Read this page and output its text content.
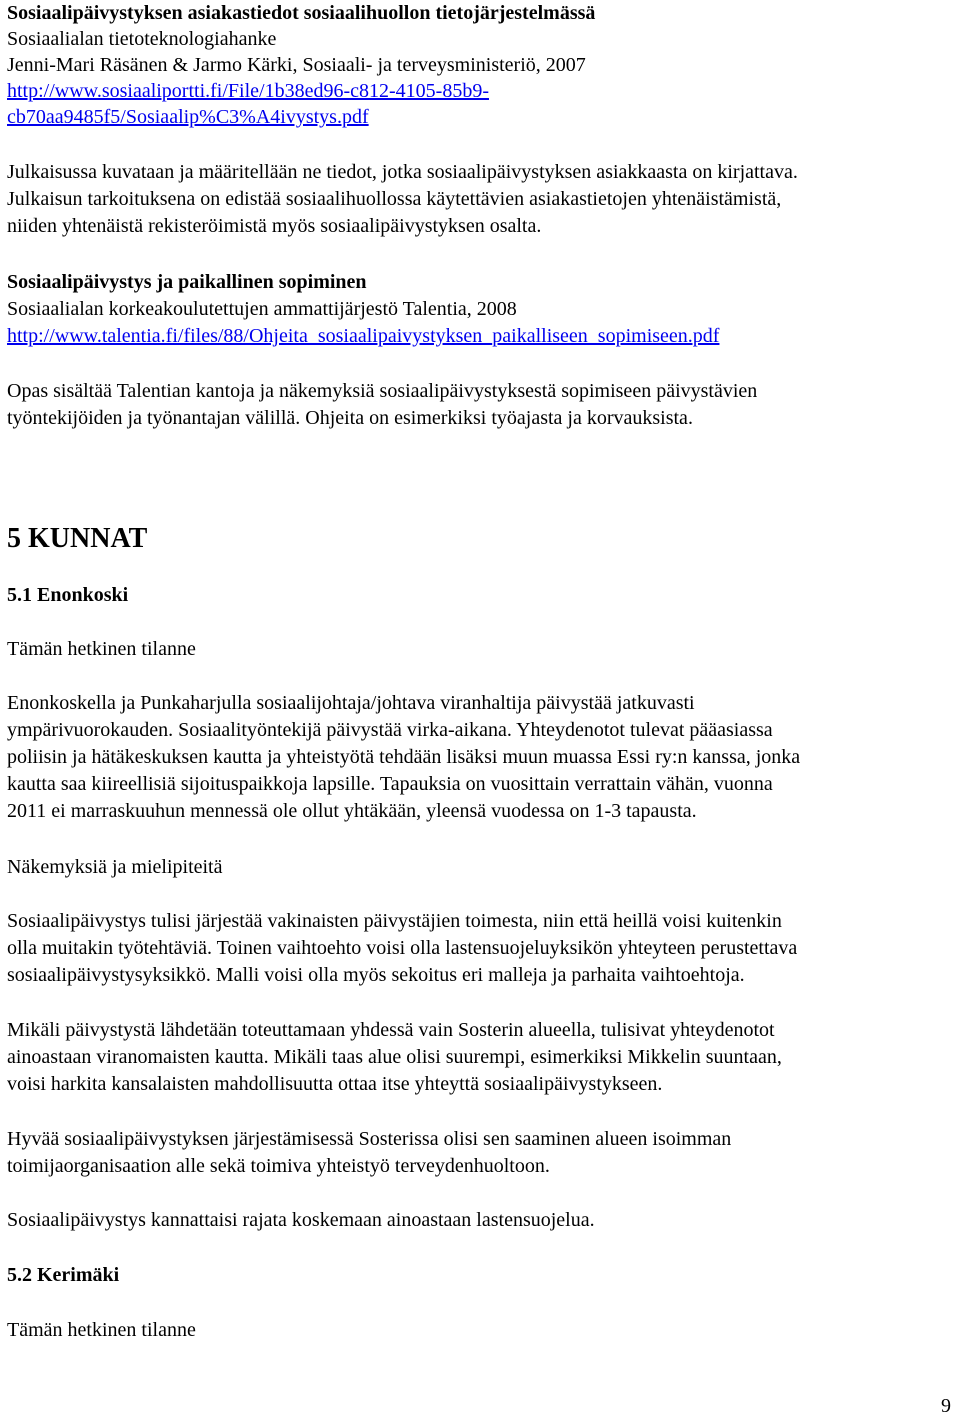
Sosiaalipäivystyksen asiakastiedot sosiaalihuollon tietojärjestelmässä
Sosiaalialan tietoteknologiahanke
Jenni-Mari Räsänen & Jarmo Kärki, Sosiaali- ja terveysministeriö, 2007
http://www.sosiaaliportti.fi/File/1b38ed96-c812-4105-85b9-
cb70aa9485f5/Sosiaalip%C3%A4ivystys.pdf
Julkaisussa kuvataan ja määritellään ne tiedot, jotka sosiaalipäivystyksen asiakkaasta on kirjattava.
Julkaisun tarkoituksena on edistää sosiaalihuollossa käytettävien asiakastietojen yhtenäistämistä,
niiden yhtenäistä rekisteröimistä myös sosiaalipäivystyksen osalta.
Sosiaalipäivystys ja paikallinen sopiminen
Sosiaalialan korkeakoulutettujen ammattijärjestö Talentia, 2008
http://www.talentia.fi/files/88/Ohjeita_sosiaalipaivystyksen_paikalliseen_sopimiseen.pdf
Opas sisältää Talentian kantoja ja näkemyksiä sosiaalipäivystyksestä sopimiseen päivystävien
työntekijöiden ja työnantajan välillä. Ohjeita on esimerkiksi työajasta ja korvauksista.
5 KUNNAT
5.1 Enonkoski
Tämän hetkinen tilanne
Enonkoskella ja Punkaharjulla sosiaalijohtaja/johtava viranhaltija päivystää jatkuvasti
ympärivuorokauden. Sosiaalityöntekijä päivystää virka-aikana. Yhteydenotot tulevat pääasiassa
poliisin ja hätäkeskuksen kautta ja yhteistyötä tehdään lisäksi muun muassa Essi ry:n kanssa, jonka
kautta saa kiireellisiä sijoituspaikkoja lapsille. Tapauksia on vuosittain verrattain vähän, vuonna
2011 ei marraskuuhun mennessä ole ollut yhtäkään, yleensä vuodessa on 1-3 tapausta.
Näkemyksiä ja mielipiteitä
Sosiaalipäivystys tulisi järjestää vakinaisten päivystäjien toimesta, niin että heillä voisi kuitenkin
olla muitakin työtehtäviä. Toinen vaihtoehto voisi olla lastensuojeluyksikön yhteyteen perustettava
sosiaalipäivystysyksikkö. Malli voisi olla myös sekoitus eri malleja ja parhaita vaihtoehtoja.
Mikäli päivystystä lähdetään toteuttamaan yhdessä vain Sosterin alueella, tulisivat yhteydenotot
ainoastaan viranomaisten kautta. Mikäli taas alue olisi suurempi, esimerkiksi Mikkelin suuntaan,
voisi harkita kansalaisten mahdollisuutta ottaa itse yhteyttä sosiaalipäivystykseen.
Hyvää sosiaalipäivystyksen järjestämisessä Sosterissa olisi sen saaminen alueen isoimman
toimijaorganisaation alle sekä toimiva yhteistyö terveydenhuoltoon.
Sosiaalipäivystys kannattaisi rajata koskemaan ainoastaan lastensuojelua.
5.2 Kerimäki
Tämän hetkinen tilanne
9
